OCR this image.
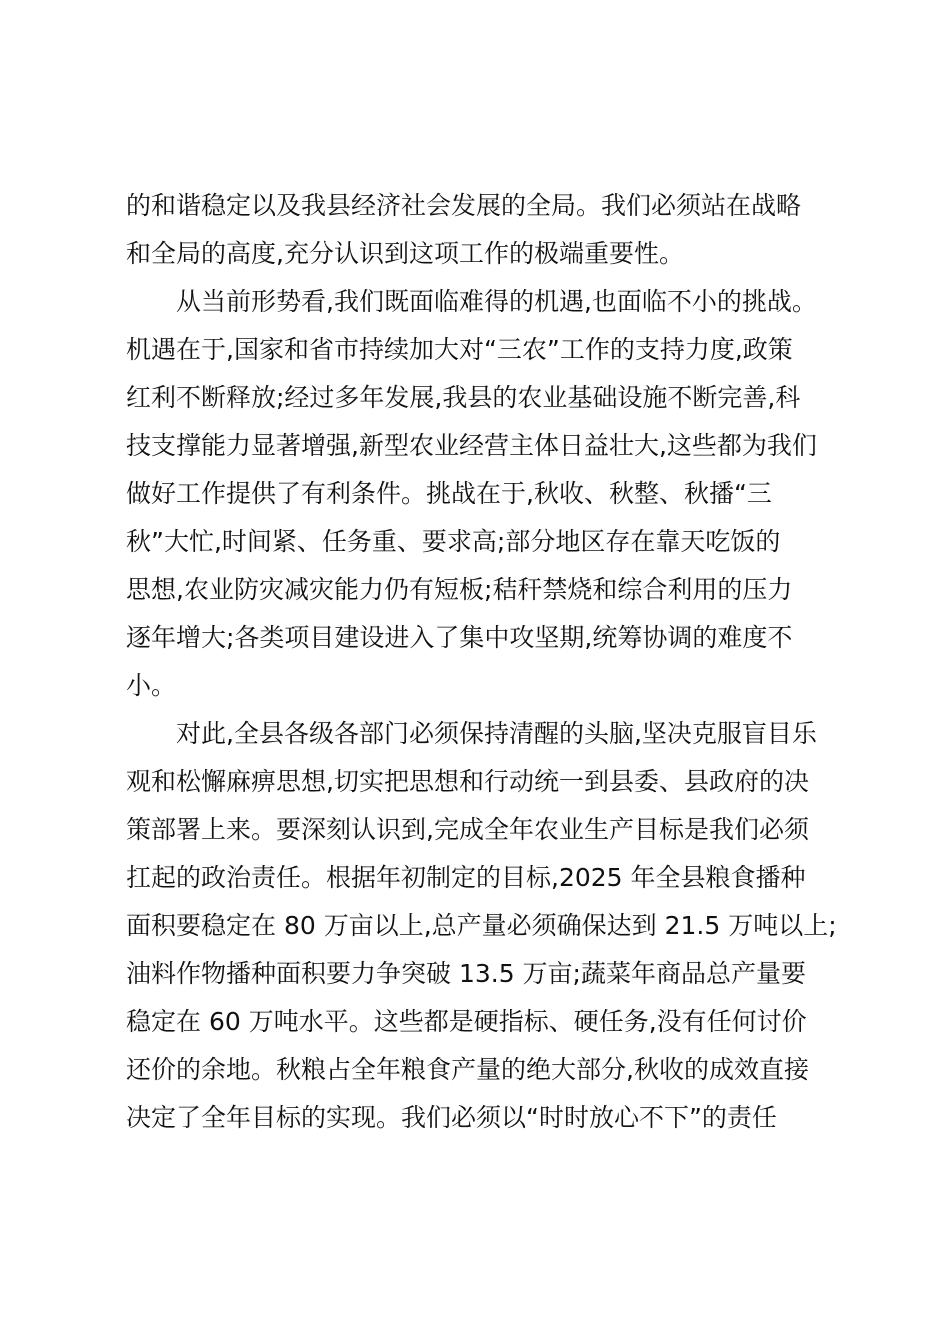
的和谐稳定以及我县经济社会发展的全局。我们必须站在战略
和全局的高度,充分认识到这项工作的极端重要性。
从当前形势看,我们既面临难得的机遇,也面临不小的挑战。
机遇在于,国家和省市持续加大对“三农”工作的支持力度,政策
红利不断释放;经过多年发展,我县的农业基础设施不断完善,科
技支撑能力显著增强,新型农业经营主体日益壮大,这些都为我们
做好工作提供了有利条件。挑战在于,秋收、秋整、秋播“三
秋”大忙,时间紧、任务重、要求高;部分地区存在靠天吃饭的
思想,农业防灾减灾能力仍有短板;秸秆禁烧和综合利用的压力
逐年增大;各类项目建设进入了集中攻坚期,统筹协调的难度不
小。
对此,全县各级各部门必须保持清醒的头脑,坚决克服盲目乐
观和松懈麻痹思想,切实把思想和行动统一到县委、县政府的决
策部署上来。要深刻认识到,完成全年农业生产目标是我们必须
扛起的政治责任。根据年初制定的目标,2025 年全县粮食播种
面积要稳定在 80 万亩以上,总产量必须确保达到 21.5 万吨以上;
油料作物播种面积要力争突破 13.5 万亩;蔬菜年商品总产量要
稳定在 60 万吨水平。这些都是硬指标、硬任务,没有任何讨价
还价的余地。秋粮占全年粮食产量的绝大部分,秋收的成效直接
决定了全年目标的实现。我们必须以“时时放心不下”的责任
